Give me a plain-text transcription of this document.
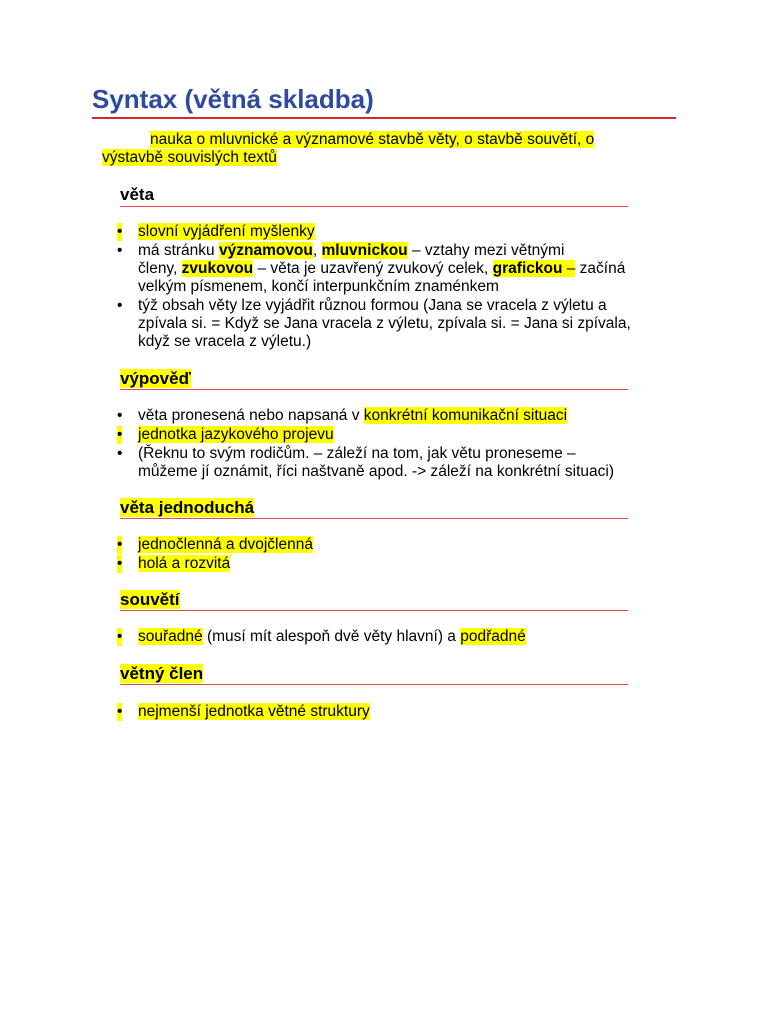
Syntax (větná skladba)

nauka o mluvnické a významové stavbě věty, o stavbě souvětí, o
výstavbě souvislých textů

věta
• slovní vyjádření myšlenky
• má stránku významovou, mluvnickou – vztahy mezi větnými
členy, zvukovou – věta je uzavřený zvukový celek, grafickou – začíná
velkým písmenem, končí interpunkčním znaménkem
• týž obsah věty lze vyjádřit různou formou (Jana se vracela z výletu a
zpívala si. = Když se Jana vracela z výletu, zpívala si. = Jana si zpívala,
když se vracela z výletu.)
výpověď
• věta pronesená nebo napsaná v konkrétní komunikační situaci
• jednotka jazykového projevu
• (Řeknu to svým rodičům. – záleží na tom, jak větu proneseme –
můžeme jí oznámit, říci naštvaně apod. -> záleží na konkrétní situaci)
věta jednoduchá
• jednočlenná a dvojčlenná
• holá a rozvitá
souvětí
• souřadné (musí mít alespoň dvě věty hlavní) a podřadné
větný člen
• nejmenší jednotka větné struktury
